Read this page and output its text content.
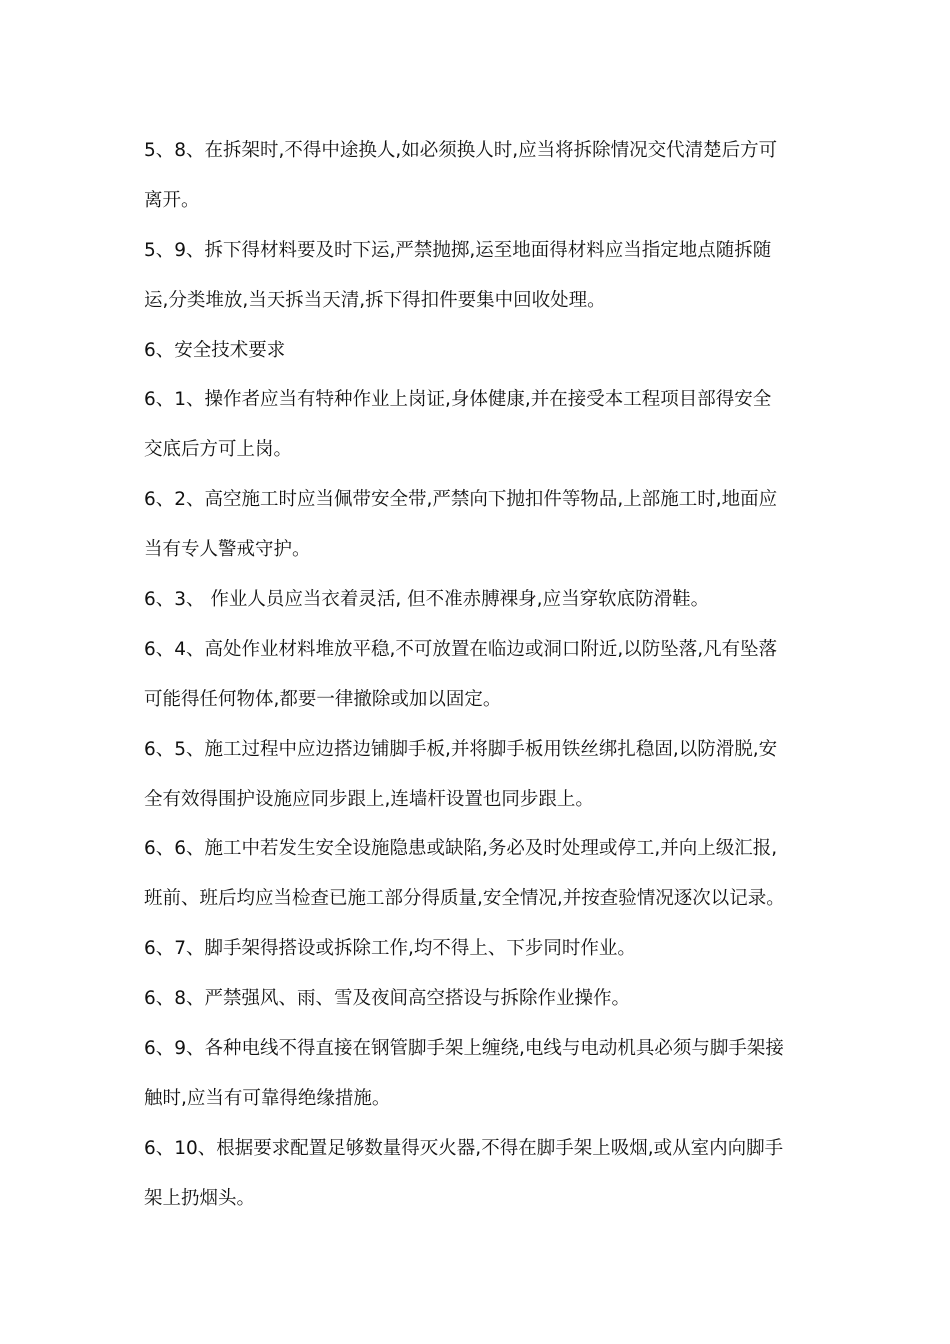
5、8、在拆架时,不得中途换人,如必须换人时,应当将拆除情况交代清楚后方可
离开。
5、9、拆下得材料要及时下运,严禁抛掷,运至地面得材料应当指定地点随拆随
运,分类堆放,当天拆当天清,拆下得扣件要集中回收处理。
6、安全技术要求
6、1、操作者应当有特种作业上岗证,身体健康,并在接受本工程项目部得安全
交底后方可上岗。
6、2、高空施工时应当佩带安全带,严禁向下抛扣件等物品,上部施工时,地面应
当有专人警戒守护。
6、3、 作业人员应当衣着灵活, 但不准赤膊裸身,应当穿软底防滑鞋。
6、4、高处作业材料堆放平稳,不可放置在临边或洞口附近,以防坠落,凡有坠落
可能得任何物体,都要一律撤除或加以固定。
6、5、施工过程中应边搭边铺脚手板,并将脚手板用铁丝绑扎稳固,以防滑脱,安
全有效得围护设施应同步跟上,连墙杆设置也同步跟上。
6、6、施工中若发生安全设施隐患或缺陷,务必及时处理或停工,并向上级汇报,
班前、班后均应当检查已施工部分得质量,安全情况,并按查验情况逐次以记录。
6、7、脚手架得搭设或拆除工作,均不得上、下步同时作业。
6、8、严禁强风、雨、雪及夜间高空搭设与拆除作业操作。
6、9、各种电线不得直接在钢管脚手架上缠绕,电线与电动机具必须与脚手架接
触时,应当有可靠得绝缘措施。
6、10、根据要求配置足够数量得灭火器,不得在脚手架上吸烟,或从室内向脚手
架上扔烟头。
